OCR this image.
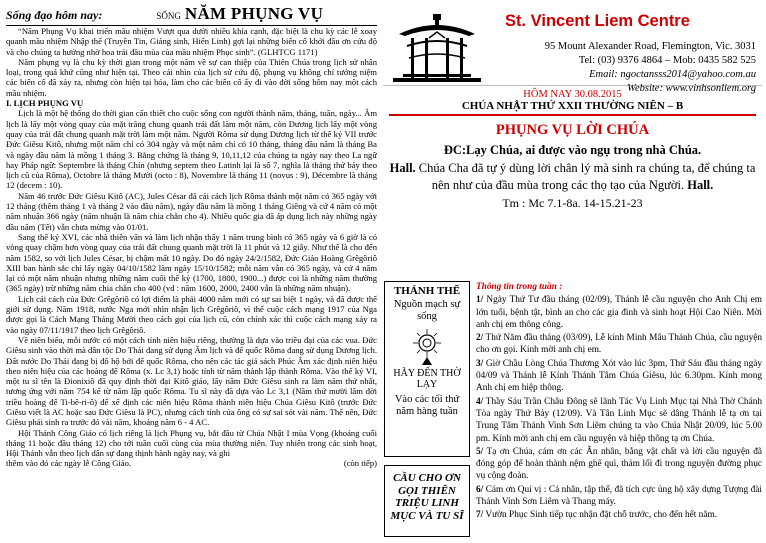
Sống đạo hôm nay:	SỐNG NĂM PHỤNG VỤ

“Năm Phụng Vụ khai triển mầu nhiệm Vượt qua dưới nhiều khía cạnh, đặc biệt là chu kỳ các lễ xoay quanh mầu nhiệm Nhập thể (Truyền Tin, Giáng sinh, Hiển Linh) gợi lại những biến cố khởi đầu ơn cứu độ và cho chúng ta hưởng nhờ hoa trái đầu mùa của mầu nhiệm Phục sinh”. (GLHTCG 1171)

Năm phụng vụ là chu kỳ thời gian trong một năm về sự can thiệp của Thiên Chúa trong lịch sử nhân loại, trong quá khứ cũng như hiện tại. Theo cái nhìn của lịch sử cứu độ, phụng vụ không chỉ tưởng niệm các biến cố đã xảy ra, nhưng còn hiện tại hóa, làm cho các biến cố ấy đi vào đời sống hôm nay một cách mầu nhiệm.

I. LỊCH PHỤNG VỤ

Lịch là một hệ thống do thời gian cấn thiết cho cuộc sống con người thành năm, tháng, tuần, ngày... Âm lịch là lấy một vòng quay của mặt trăng chung quanh trái đất làm một năm, còn Dương lịch lấy một vòng quay của trái đất chung quanh mặt trời làm một năm. Người Rôma sử dụng Dương lịch từ thế kỷ VII trước Đức Giêsu Kitô, nhưng một năm chỉ có 304 ngày và một năm chỉ có 10 tháng, tháng đầu năm là tháng Ba và ngày đầu năm là mồng 1 tháng 3. Bằng chứng là tháng 9, 10,11,12 của chúng ta ngày nay theo La ngữ hay Pháp ngữ: Septembre là tháng Chín (nhưng septem theo Latinh lại là số 7, nghĩa là tháng thứ bảy theo lịch cũ của Rôma), Octobre là tháng Mười (octo : 8), Novembre là tháng 11 (novus : 9), Décembre là tháng 12 (decem : 10).

Năm 46 trước Đức Giêsu Kitô (AC), Jules César đã cải cách lịch Rôma thành một năm có 365 ngày với 12 tháng (thêm tháng 1 và tháng 2 vào đầu năm), ngày đầu năm là mồng 1 tháng Giêng và cứ 4 năm có một năm nhuận 366 ngày (năm nhuận là năm chia chẵn cho 4). Nhiều quốc gia đã áp dụng lịch này những ngày đầu năm (Tết) vẫn chưa mừng vào 01/01.

Sang thế kỷ XVI, các nhà thiên văn và làm lịch nhận thấy 1 năm trung bình có 365 ngày và 6 giờ là có vòng quay chậm hơn vòng quay của trái đất chung quanh mặt trời là 11 phút và 12 giây. Như thế là cho đến năm 1582, so với lịch Jules César, bị chậm mất 10 ngày. Do đó ngày 24/2/1582, Đức Giáo Hoàng Grêgôriô XIII ban hành sắc chỉ lấy ngày 04/10/1582 làm ngày 15/10/1582; mỗi năm vẫn có 365 ngày, và cứ 4 năm lại có một năm nhuận nhưng những năm cuối thế kỷ (1700, 1800, 1900...) được coi là những năm thường (365 ngày) trừ những năm chia chẵn cho 400 (vd : năm 1600, 2000, 2400 vẫn là những năm nhuận).

Lịch cải cách của Đức Grêgôriô có lợi điểm là phải 4000 năm mới có sự sai biệt 1 ngày, và đã được thế giới sử dụng. Năm 1918, nước Nga mới nhìn nhận lịch Grêgôriô, vì thế cuộc cách mạng 1917 của Nga được gọi là Cách Mạng Tháng Mười theo cách gọi của lịch cũ, còn chính xác thì cuộc cách mạng xảy ra vào ngày 07/11/1917 theo lịch Grêgôriô.

Về niên biểu, mỗi nước có một cách tính niên hiệu riêng, thường là dựa vào triều đại của các vua. Đức Giêsu sinh vào thời mà dân tộc Do Thái đang sử dụng Âm lịch và đế quốc Rôma đang sử dụng Dương lịch. Đất nước Do Thái đang bị đô hộ bởi đế quốc Rôma, cho nên các tác giả sách Phúc Âm xác định niên hiệu theo niên hiệu của các hoàng đế Rôma (x. Lc 3,1) hoặc tính từ năm thành lập thành Rôma. Vào thế kỷ VI, một tu sĩ tên là Đionixiô đã quy định thời đại Kitô giáo, lấy năm Đức Giêsu sinh ra làm năm thứ nhất, tương ứng với năm 754 kể từ năm lập quốc Rôma. Tu sĩ này đã dựa vào Lc 3,1 (Năm thứ mười lăm đời triều hoàng đế Ti-bê-ri-ô) để xế định các niên hiệu Rôma thành niên hiệu Chúa Giêsu Kitô (trước Đức Giêsu viết là AC hoặc sau Đức Giêsu là PC), nhưng cách tính của ông có sự sai sót vài năm. Thế nên, Đức Giêsu phải sinh ra trước đó vài năm, khoảng năm 6 - 4 AC.

Hội Thánh Công Giáo có lịch riêng là lịch Phụng vụ, bắt đầu từ Chúa Nhật I mùa Vọng (khoảng cuối tháng 11 hoặc đầu tháng 12) cho tới tuần cuối cùng của mùa thường niên. Tuy nhiên trong các sinh hoạt, Hội Thánh vẫn theo lịch dân sự đang thịnh hành ngày nay, và ghi

thêm vào đó các ngày lễ Công Giáo.	(còn tiếp)
St. Vincent Liem Centre
95 Mount Alexander Road, Flemington, Vic. 3031
Tel: (03) 9376 4864 – Mob: 0435 582 525
Email: ngoctansss2014@yahoo.com.au
Website: www.vinhsonliem.org
HÔM NAY 30.08.2015
CHÚA NHẬT THỨ XXII THƯỜNG NIÊN – B
PHỤNG VỤ LỜI CHÚA
ĐC:Lạy Chúa, ai được vào ngụ trong nhà Chúa.
Hall. Chúa Cha đã tự ý dùng lời chân lý mà sinh ra chúng ta, để chúng ta nên như của đầu mùa trong các thọ tạo của Người. Hall.
Tm : Mc 7.1-8a. 14-15.21-23
THÁNH THỂ
Nguồn mạch sự sống
HÃY ĐẾN THỜ LẠY
Vào các tối thứ năm hàng tuần
CẦU CHO ƠN GỌI THIÊN TRIỆU LINH MỤC VÀ TU SĨ

Thông tin trong tuần :

1/ Ngày Thứ Tư đầu tháng (02/09), Thánh lễ cầu nguyện cho Anh Chị em lớn tuổi, bệnh tật, bình an cho các gia đình và sinh hoạt Hội Cao Niên. Mời anh chị em thông công.

2/ Thứ Năm đầu tháng (03/09), Lễ kính Minh Mâu Thánh Chúa, cầu nguyện cho ơn gọi. Kính mời anh chị em.

3/ Giờ Chầu Lòng Chúa Thương Xót vào lúc 3pm, Thứ Sáu đầu tháng ngày 04/09 và Thánh lễ Kính Thánh Tâm Chúa Giêsu, lúc 6.30pm. Kính mong Anh chị em hiệp thông.

4/ Thầy Sáu Trần Châu Đông sẽ lãnh Tác Vụ Linh Mục tại Nhà Thờ Chánh Tòa ngày Thứ Bảy (12/09). Và Tân Linh Mục sẽ dâng Thánh lễ tạ ơn tại Trung Tâm Thánh Vinh Sơn Liêm chúng ta vào Chúa Nhật 20/09, lúc 5.00 pm. Kính mời anh chị em cầu nguyện và hiệp thông tạ ơn Chúa.

5/ Tạ ơn Chúa, cám ơn các Ân nhân, bằng vật chất và lời cầu nguyện đã đóng góp để hoàn thành nệm ghế quì, thảm lối đi trong nguyện đường phục vụ cộng đoàn.

6/ Cám ơn Quí vị : Cá nhân, tập thể, đã tích cực ủng hộ xây dựng Tượng đài Thánh Vinh Sơn Liêm và Thang máy.

7/ Vườn Phục Sinh tiếp tục nhận đặt chỗ trước, cho đến hết năm.
